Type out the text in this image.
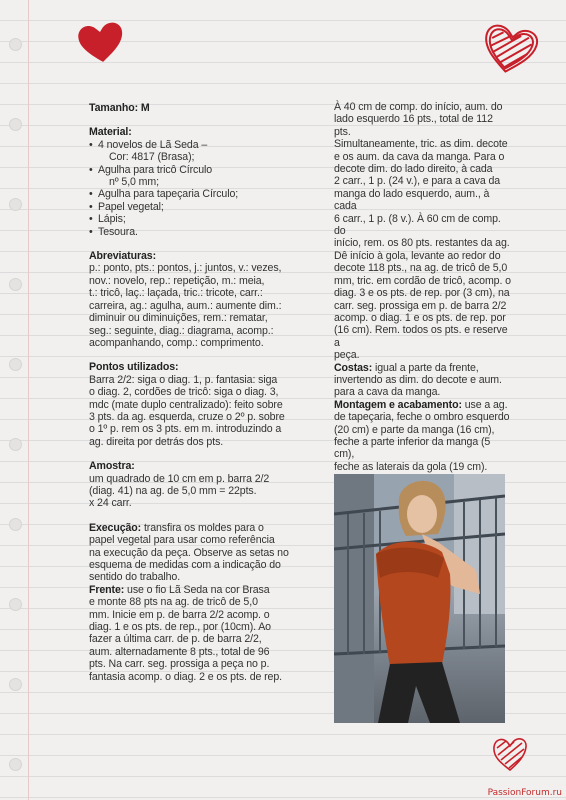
Tamanho: M
Material:
• 4 novelos de Lã Seda –
Cor: 4817 (Brasa);
• Agulha para tricô Círculo
nº 5,0 mm;
• Agulha para tapeçaria Círculo;
• Papel vegetal;
• Lápis;
• Tesoura.
Abreviaturas:
p.: ponto, pts.: pontos, j.: juntos, v.: vezes,
nov.: novelo, rep.: repetição, m.: meia,
t.: tricô, laç.: laçada, tric.: tricote, carr.:
carreira, ag.: agulha, aum.: aumente dim.:
diminuir ou diminuições, rem.: rematar,
seg.: seguinte, diag.: diagrama, acomp.:
acompanhando, comp.: comprimento.
Pontos utilizados:
Barra 2/2: siga o diag. 1, p. fantasia: siga
o diag. 2, cordões de tricô: siga o diag. 3,
mdc (mate duplo centralizado): feito sobre
3 pts. da ag. esquerda, cruze o 2º p. sobre
o 1º p. rem os 3 pts. em m. introduzindo a
ag. direita por detrás dos pts.
Amostra:
um quadrado de 10 cm em p. barra 2/2
(diag. 41) na ag. de 5,0 mm = 22pts.
x 24 carr.
Execução: transfira os moldes para o
papel vegetal para usar como referência
na execução da peça. Observe as setas no
esquema de medidas com a indicação do
sentido do trabalho.
Frente: use o fio Lã Seda na cor Brasa
e monte 88 pts na ag. de tricô de 5,0
mm. Inicie em p. de barra 2/2 acomp. o
diag. 1 e os pts. de rep., por (10cm). Ao
fazer a última carr. de p. de barra 2/2,
aum. alternadamente 8 pts., total de 96
pts. Na carr. seg. prossiga a peça no p.
fantasia acomp. o diag. 2 e os pts. de rep.
À 40 cm de comp. do início, aum. do
lado esquerdo 16 pts., total de 112 pts.
Simultaneamente, tric. as dim. decote
e os aum. da cava da manga. Para o
decote dim. do lado direito, à cada
2 carr., 1 p. (24 v.), e para a cava da
manga do lado esquerdo, aum., à cada
6 carr., 1 p. (8 v.). À 60 cm de comp. do
início, rem. os 80 pts. restantes da ag.
Dê início à gola, levante ao redor do
decote 118 pts., na ag. de tricô de 5,0
mm, tric. em cordão de tricô, acomp. o
diag. 3 e os pts. de rep. por (3 cm), na
carr. seg. prossiga em p. de barra 2/2
acomp. o diag. 1 e os pts. de rep. por
(16 cm). Rem. todos os pts. e reserve a
peça.
Costas: igual a parte da frente,
invertendo as dim. do decote e aum.
para a cava da manga.
Montagem e acabamento: use a ag.
de tapeçaria, feche o ombro esquerdo
(20 cm) e parte da manga (16 cm),
feche a parte inferior da manga (5 cm),
feche as laterais da gola (19 cm).
PassionForum.ru
